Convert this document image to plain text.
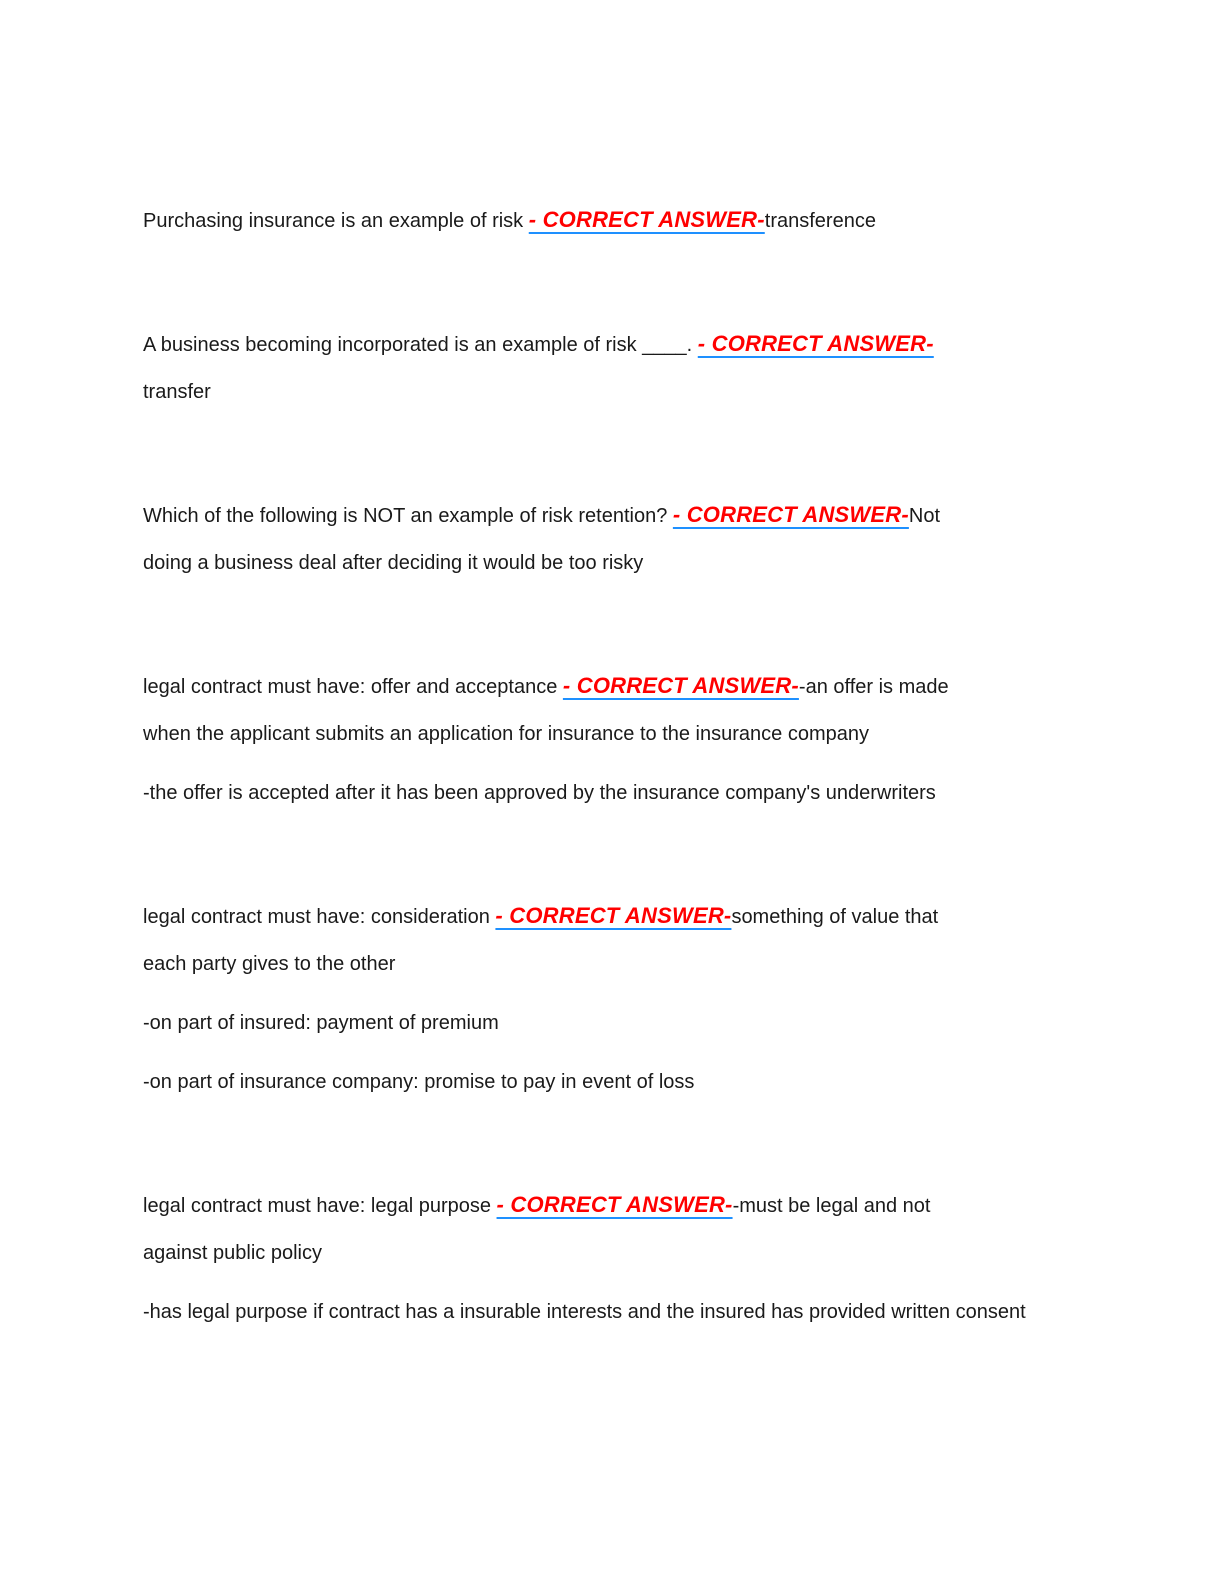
Purchasing insurance is an example of risk - CORRECT ANSWER-transference

A business becoming incorporated is an example of risk ____. - CORRECT ANSWER-

transfer

Which of the following is NOT an example of risk retention? - CORRECT ANSWER-Not

doing a business deal after deciding it would be too risky

legal contract must have: offer and acceptance - CORRECT ANSWER--an offer is made

when the applicant submits an application for insurance to the insurance company

-the offer is accepted after it has been approved by the insurance company's underwriters

legal contract must have: consideration - CORRECT ANSWER-something of value that

each party gives to the other

-on part of insured: payment of premium

-on part of insurance company: promise to pay in event of loss

legal contract must have: legal purpose - CORRECT ANSWER--must be legal and not

against public policy

-has legal purpose if contract has a insurable interests and the insured has provided written consent
